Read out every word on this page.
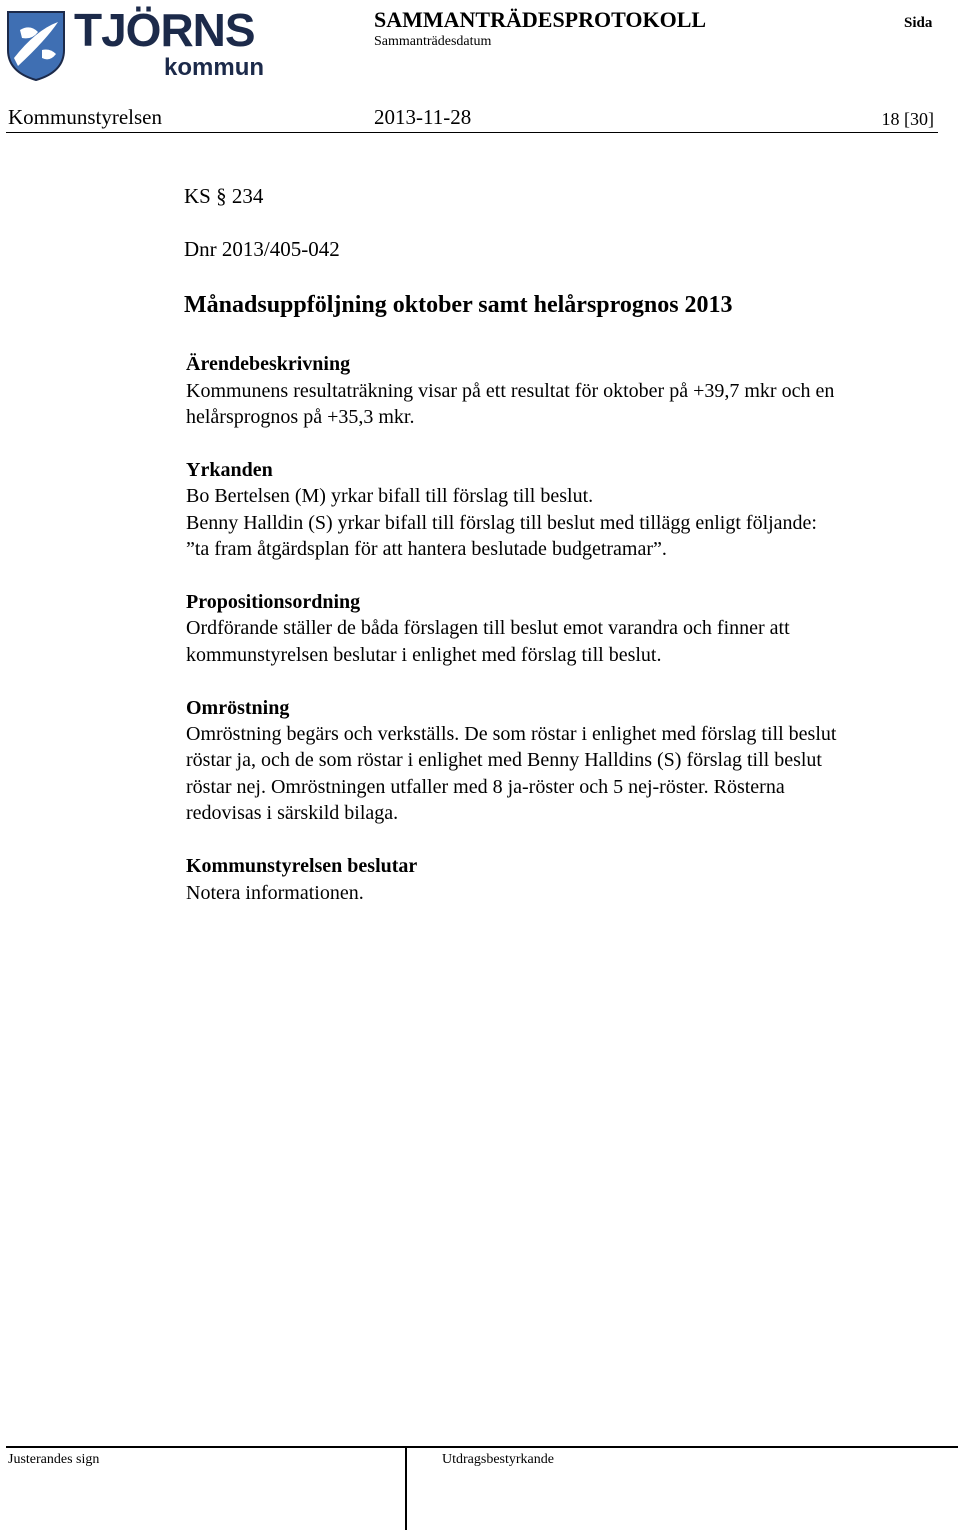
TJÖRNS
kommun
SAMMANTRÄDESPROTOKOLL
Sammanträdesdatum
Sida
Kommunstyrelsen	2013-11-28	18 [30]
KS § 234
Dnr 2013/405-042
Månadsuppföljning oktober samt helårsprognos 2013
Ärendebeskrivning
Kommunens resultaträkning visar på ett resultat för oktober på +39,7 mkr och en
helårsprognos på +35,3 mkr.
Yrkanden
Bo Bertelsen (M) yrkar bifall till förslag till beslut.
Benny Halldin (S) yrkar bifall till förslag till beslut med tillägg enligt följande:
”ta fram åtgärdsplan för att hantera beslutade budgetramar”.
Propositionsordning
Ordförande ställer de båda förslagen till beslut emot varandra och finner att
kommunstyrelsen beslutar i enlighet med förslag till beslut.
Omröstning
Omröstning begärs och verkställs. De som röstar i enlighet med förslag till beslut
röstar ja, och de som röstar i enlighet med Benny Halldins (S) förslag till beslut
röstar nej. Omröstningen utfaller med 8 ja-röster och 5 nej-röster. Rösterna
redovisas i särskild bilaga.
Kommunstyrelsen beslutar
Notera informationen.
Justerandes sign	Utdragsbestyrkande
